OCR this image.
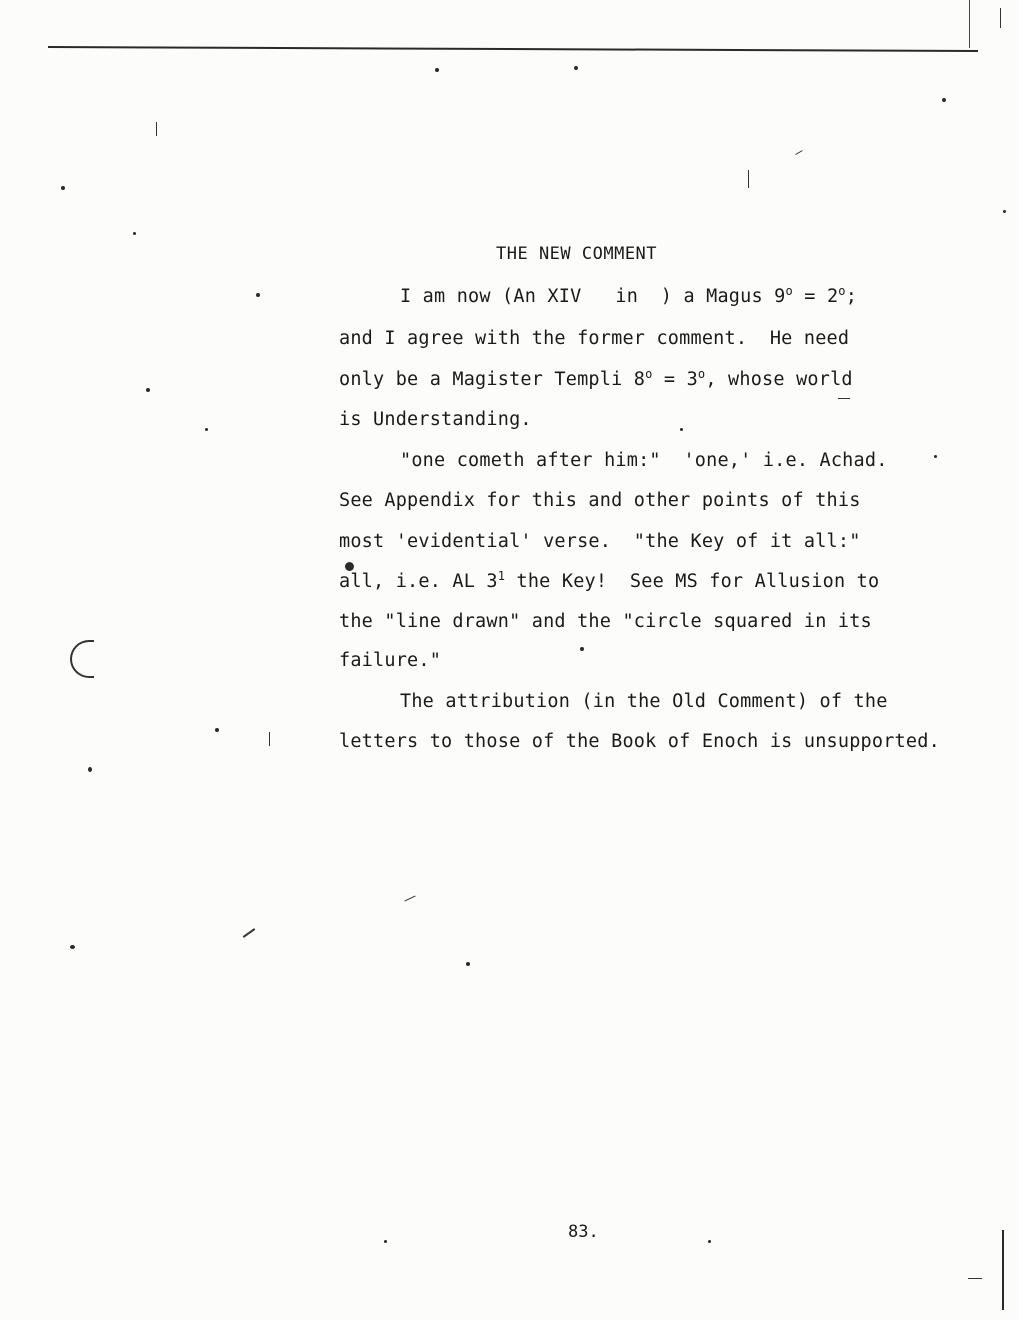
THE NEW COMMENT
I am now (An XIV   in  ) a Magus $9^o = 2^o$;
and I agree with the former comment.  He need
only be a Magister Templi $8^o = 3^o$, whose world
is Understanding.
"one cometh after him:"  'one,' i.e. Achad.
See Appendix for this and other points of this
most 'evidential' verse.  "the Key of it all:"
all, i.e. AL $3^1$ the Key!  See MS for Allusion to
the "line drawn" and the "circle squared in its
failure."
The attribution (in the Old Comment) of the
letters to those of the Book of Enoch is unsupported.
83.
